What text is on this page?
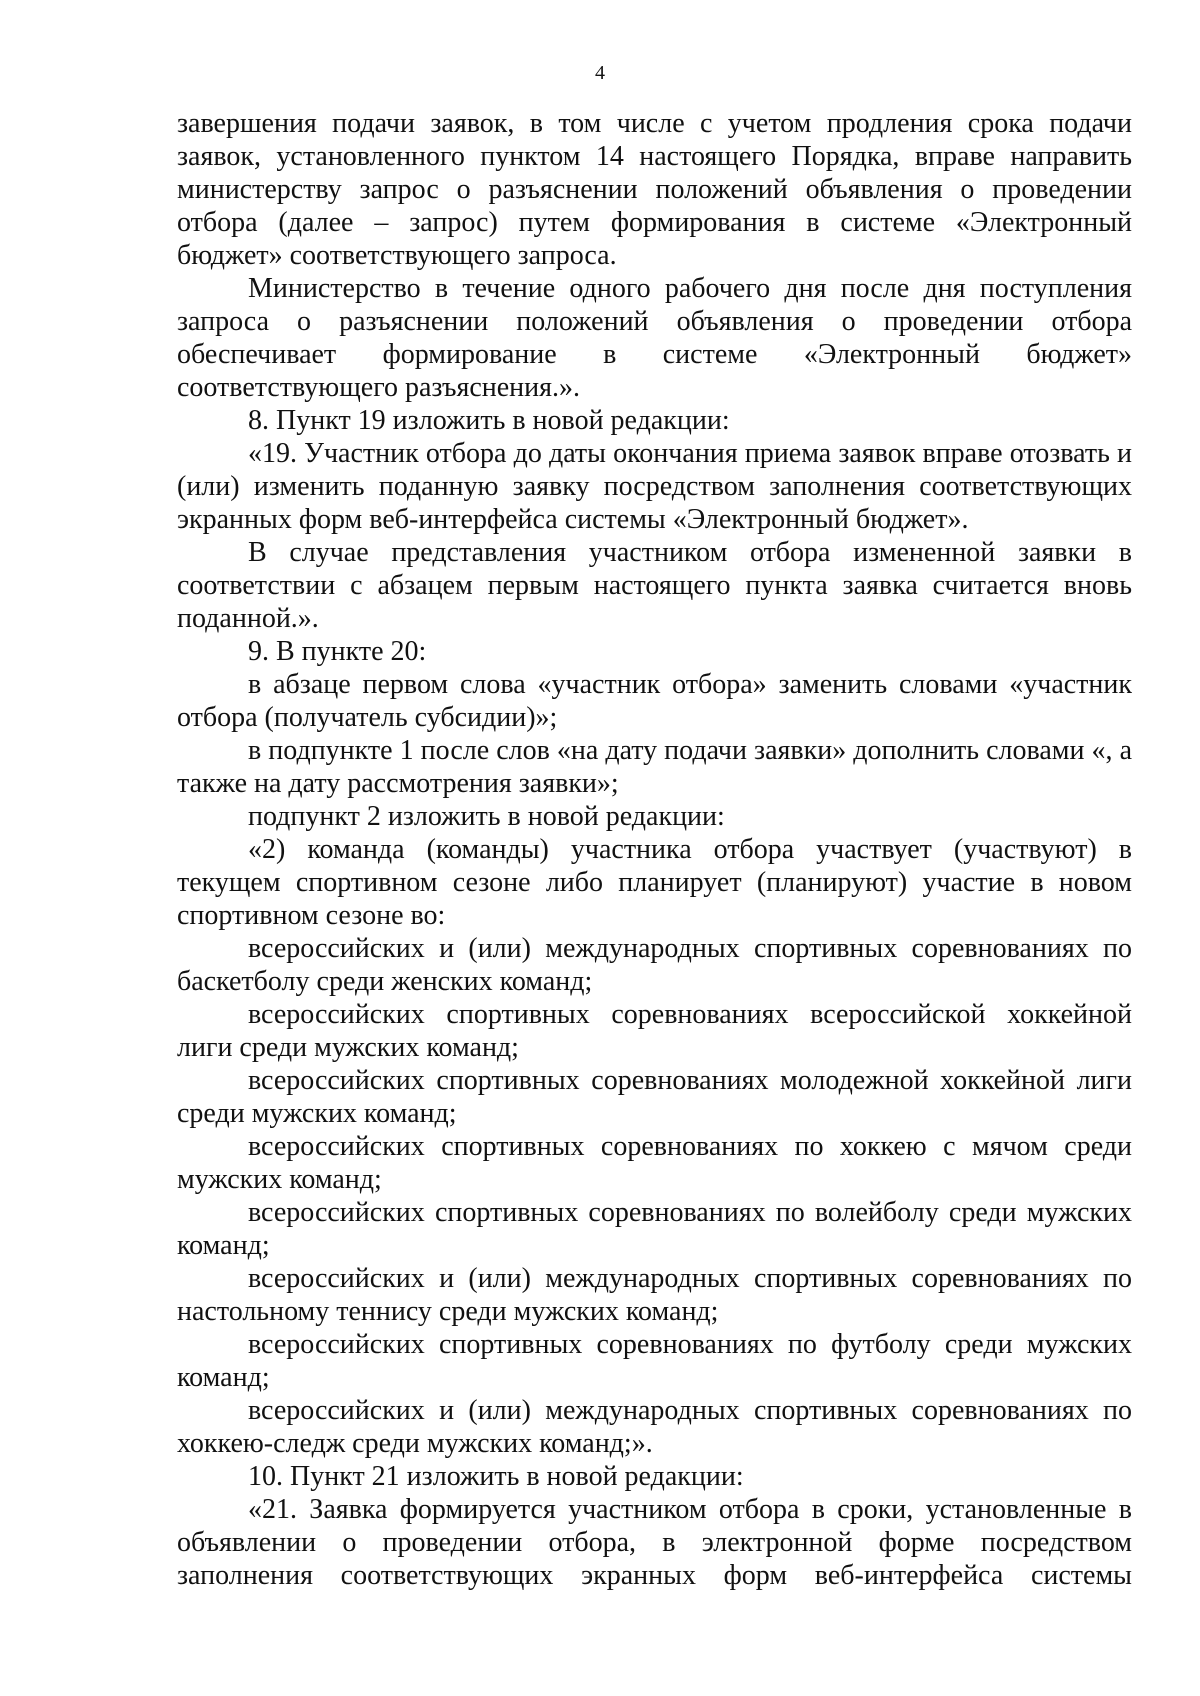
4

завершения подачи заявок, в том числе с учетом продления срока подачи заявок, установленного пунктом 14 настоящего Порядка, вправе направить министерству запрос о разъяснении положений объявления о проведении отбора (далее – запрос) путем формирования в системе «Электронный бюджет» соответствующего запроса.

Министерство в течение одного рабочего дня после дня поступления запроса о разъяснении положений объявления о проведении отбора обеспечивает формирование в системе «Электронный бюджет» соответствующего разъяснения.».

8. Пункт 19 изложить в новой редакции:

«19. Участник отбора до даты окончания приема заявок вправе отозвать и (или) изменить поданную заявку посредством заполнения соответствующих экранных форм веб-интерфейса системы «Электронный бюджет».

В случае представления участником отбора измененной заявки в соответствии с абзацем первым настоящего пункта заявка считается вновь поданной.».

9. В пункте 20:

в абзаце первом слова «участник отбора» заменить словами «участник отбора (получатель субсидии)»;

в подпункте 1 после слов «на дату подачи заявки» дополнить словами «, а также на дату рассмотрения заявки»;

подпункт 2 изложить в новой редакции:

«2) команда (команды) участника отбора участвует (участвуют) в текущем спортивном сезоне либо планирует (планируют) участие в новом спортивном сезоне во:

всероссийских и (или) международных спортивных соревнованиях по баскетболу среди женских команд;

всероссийских спортивных соревнованиях всероссийской хоккейной лиги среди мужских команд;

всероссийских спортивных соревнованиях молодежной хоккейной лиги среди мужских команд;

всероссийских спортивных соревнованиях по хоккею с мячом среди мужских команд;

всероссийских спортивных соревнованиях по волейболу среди мужских команд;

всероссийских и (или) международных спортивных соревнованиях по настольному теннису среди мужских команд;

всероссийских спортивных соревнованиях по футболу среди мужских команд;

всероссийских и (или) международных спортивных соревнованиях по хоккею-следж среди мужских команд;».

10. Пункт 21 изложить в новой редакции:

«21. Заявка формируется участником отбора в сроки, установленные в объявлении о проведении отбора, в электронной форме посредством заполнения соответствующих экранных форм веб-интерфейса системы
